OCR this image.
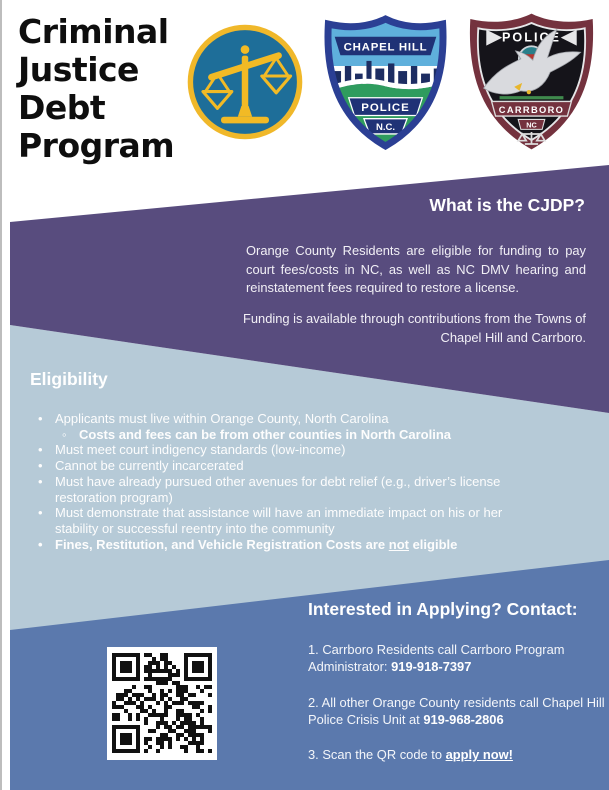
Criminal
Justice
Debt
Program
CHAPEL HILL
POLICE
N.C.
POLICE
CARRBORO
NC
What is the CJDP?

Orange County Residents are eligible for funding to pay court fees/costs in NC, as well as NC DMV hearing and reinstatement fees required to restore a license.

Funding is available through contributions from the Towns of Chapel Hill and Carrboro.

Eligibility
• Applicants must live within Orange County, North Carolina
◦ Costs and fees can be from other counties in North Carolina
• Must meet court indigency standards (low-income)
• Cannot be currently incarcerated
• Must have already pursued other avenues for debt relief (e.g., driver’s license restoration program)
• Must demonstrate that assistance will have an immediate impact on his or her stability or successful reentry into the community
• Fines, Restitution, and Vehicle Registration Costs are not eligible
Interested in Applying? Contact:

1. Carrboro Residents call Carrboro Program Administrator: 919-918-7397

2. All other Orange County residents call Chapel Hill Police Crisis Unit at 919-968-2806

3. Scan the QR code to apply now!
